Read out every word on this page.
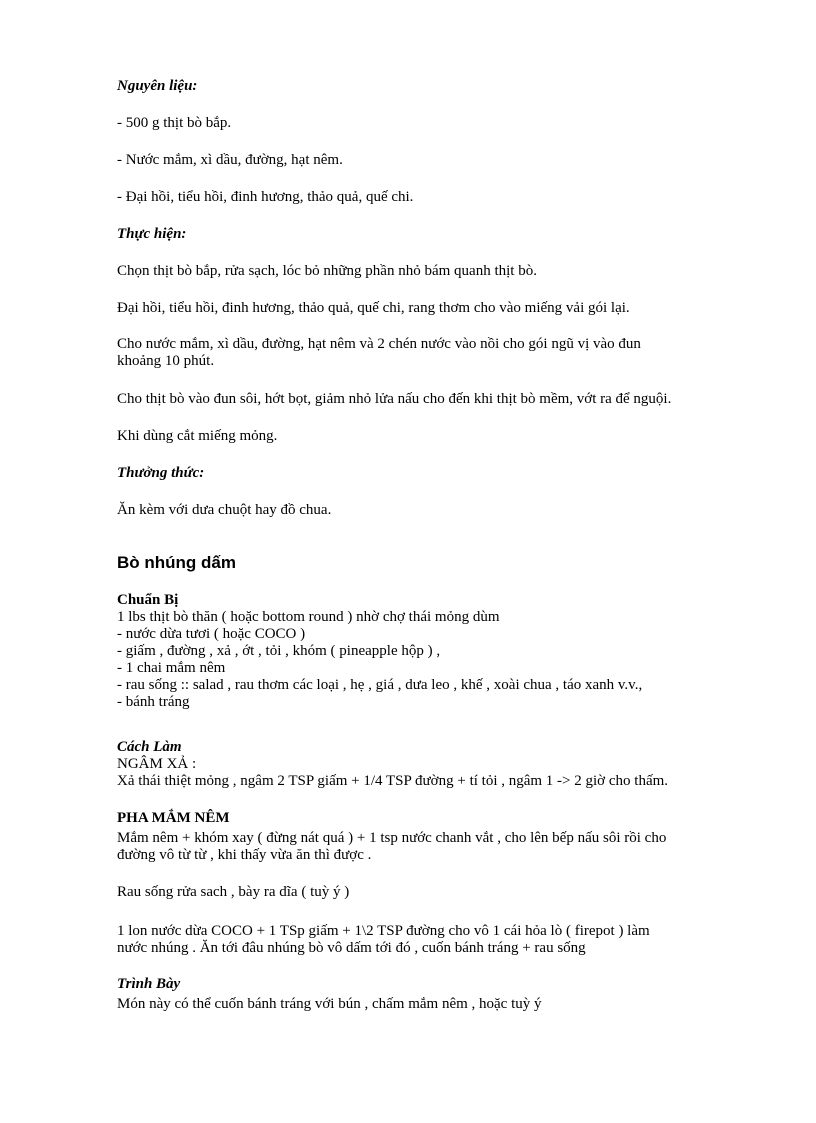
Nguyên liệu:

- 500 g thịt bò bắp.

- Nước mắm, xì dầu, đường, hạt nêm.

- Đại hồi, tiểu hồi, đinh hương, thảo quả, quế chi.

Thực hiện:

Chọn thịt bò bắp, rửa sạch, lóc bỏ những phần nhỏ bám quanh thịt bò.

Đại hồi, tiểu hồi, đinh hương, thảo quả, quế chi, rang thơm cho vào miếng vải gói lại.

Cho nước mắm, xì dầu, đường, hạt nêm và 2 chén nước vào nồi cho gói ngũ vị vào đun
khoảng 10 phút.

Cho thịt bò vào đun sôi, hớt bọt, giảm nhỏ lửa nấu cho đến khi thịt bò mềm, vớt ra để nguội.

Khi dùng cắt miếng mỏng.

Thưởng thức:

Ăn kèm với dưa chuột hay đồ chua.

Bò nhúng dấm

Chuẩn Bị

1 lbs thịt bò thăn ( hoặc bottom round ) nhờ chợ thái mỏng dùm
- nước dừa tươi ( hoặc COCO )
- giấm , đường , xả , ớt , tỏi , khóm ( pineapple hộp ) ,
- 1 chai mắm nêm
- rau sống :: salad , rau thơm các loại , hẹ , giá , dưa leo , khế , xoài chua , táo xanh v.v.,
- bánh tráng

Cách Làm

NGÂM XẢ :
Xả thái thiệt mỏng , ngâm 2 TSP giấm + 1/4 TSP đường + tí tỏi , ngâm 1 -> 2 giờ cho thấm.

PHA MẮM NÊM

Mắm nêm + khóm xay ( đừng nát quá ) + 1 tsp nước chanh vắt , cho lên bếp nấu sôi rồi cho
đường vô từ từ , khi thấy vừa ăn thì được .

Rau sống rửa sach , bày ra dĩa ( tuỳ ý )

1 lon nước dừa COCO + 1 TSp giấm + 1\2 TSP đường cho vô 1 cái hỏa lò ( firepot ) làm
nước nhúng . Ăn tới đâu nhúng bò vô dấm tới đó , cuốn bánh tráng + rau sống

Trình Bày

Món này có thể cuốn bánh tráng với bún , chấm mắm nêm , hoặc tuỳ ý
